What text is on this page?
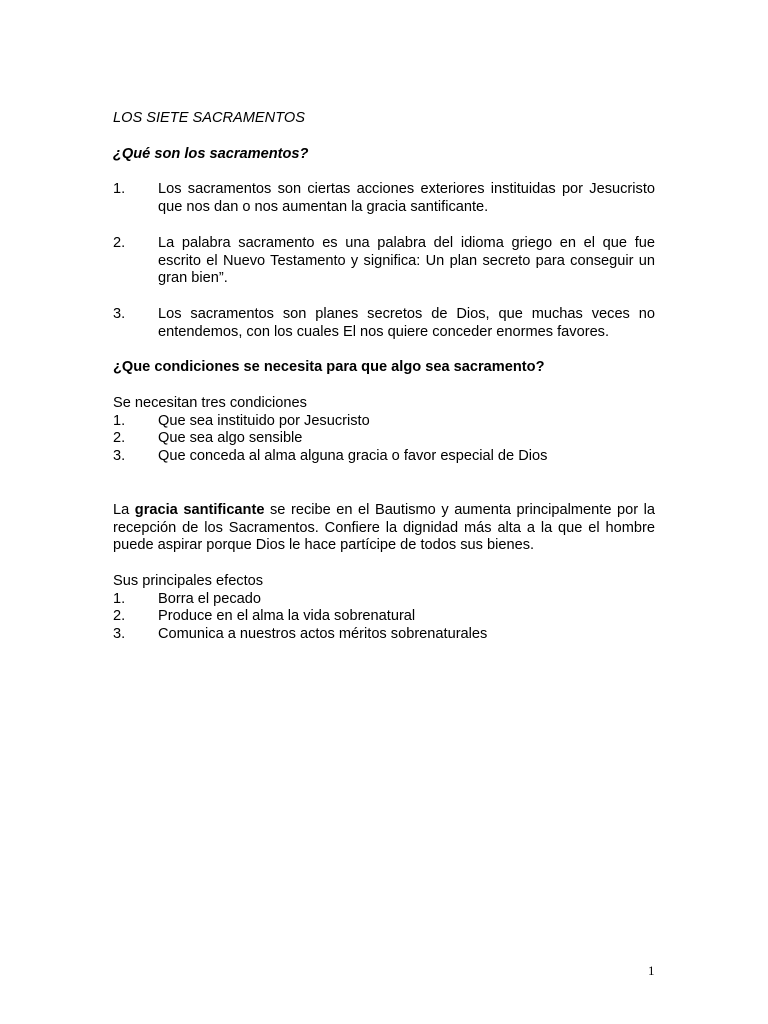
LOS SIETE SACRAMENTOS

¿Qué son los sacramentos?

1.	Los sacramentos son ciertas acciones exteriores instituidas por Jesucristo que nos dan o nos aumentan la gracia santificante.
2.	La palabra sacramento es una palabra del idioma griego en el que fue escrito el Nuevo Testamento y significa: Un plan secreto para conseguir un gran bien”.
3.	Los sacramentos son planes secretos de Dios, que muchas veces no entendemos, con los cuales El nos quiere conceder enormes favores.

¿Que condiciones se necesita para que algo sea sacramento?

Se necesitan tres condiciones

1.	Que sea instituido por Jesucristo
2.	Que sea algo sensible
3.	Que conceda al alma alguna gracia o favor especial de Dios

La gracia santificante se recibe en el Bautismo y aumenta principalmente por la recepción de los Sacramentos. Confiere la dignidad más alta a la que el hombre puede aspirar porque Dios le hace partícipe de todos sus bienes.

Sus principales efectos

1.	Borra el pecado
2.	Produce en el alma la vida sobrenatural
3.	Comunica a nuestros actos méritos sobrenaturales
1
